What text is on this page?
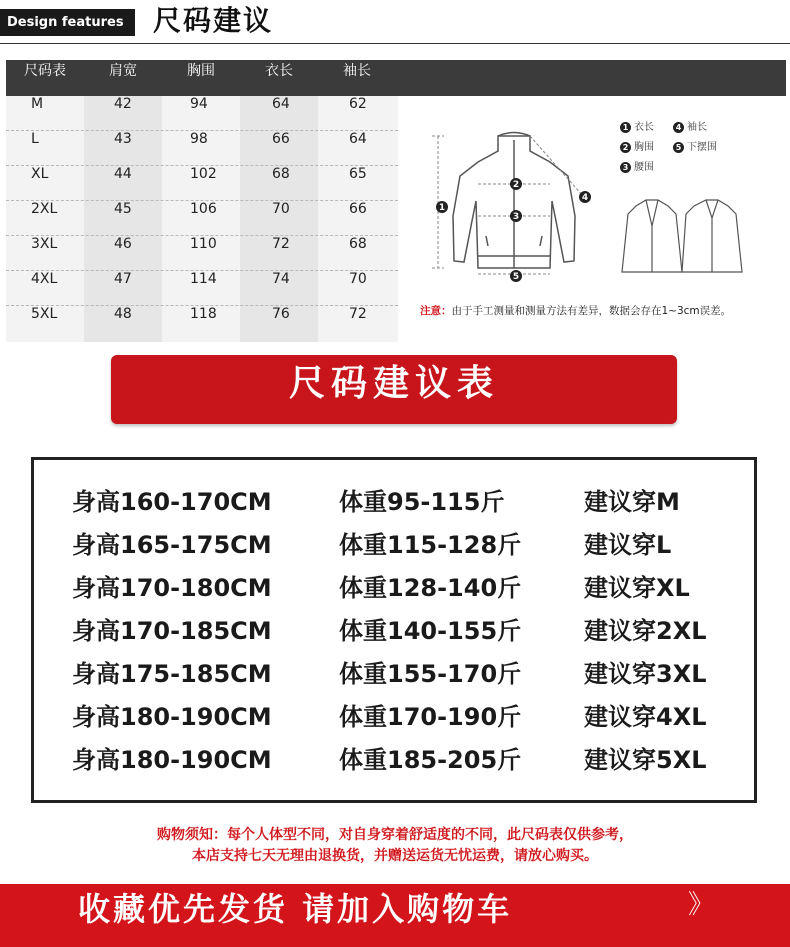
Design features	尺码建议
尺码表	肩宽	胸围	衣长	袖长
M	42	94	64	62
L	43	98	66	64
XL	44	102	68	65
2XL	45	106	70	66
3XL	46	110	72	68
4XL	47	114	74	70
5XL	48	118	76	72
1
2
3
4
5
1 衣长	4 袖长
2 胸围	5 下摆围
3 腰围
注意：由于手工测量和测量方法有差异，数据会存在1~3cm误差。
尺码建议表
身高160-170CM	体重95-115斤	建议穿M
身高165-175CM	体重115-128斤	建议穿L
身高170-180CM	体重128-140斤	建议穿XL
身高170-185CM	体重140-155斤	建议穿2XL
身高175-185CM	体重155-170斤	建议穿3XL
身高180-190CM	体重170-190斤	建议穿4XL
身高180-190CM	体重185-205斤	建议穿5XL
购物须知：每个人体型不同，对自身穿着舒适度的不同，此尺码表仅供参考，
本店支持七天无理由退换货，并赠送运货无忧运费，请放心购买。
收藏优先发货 请加入购物车	》
